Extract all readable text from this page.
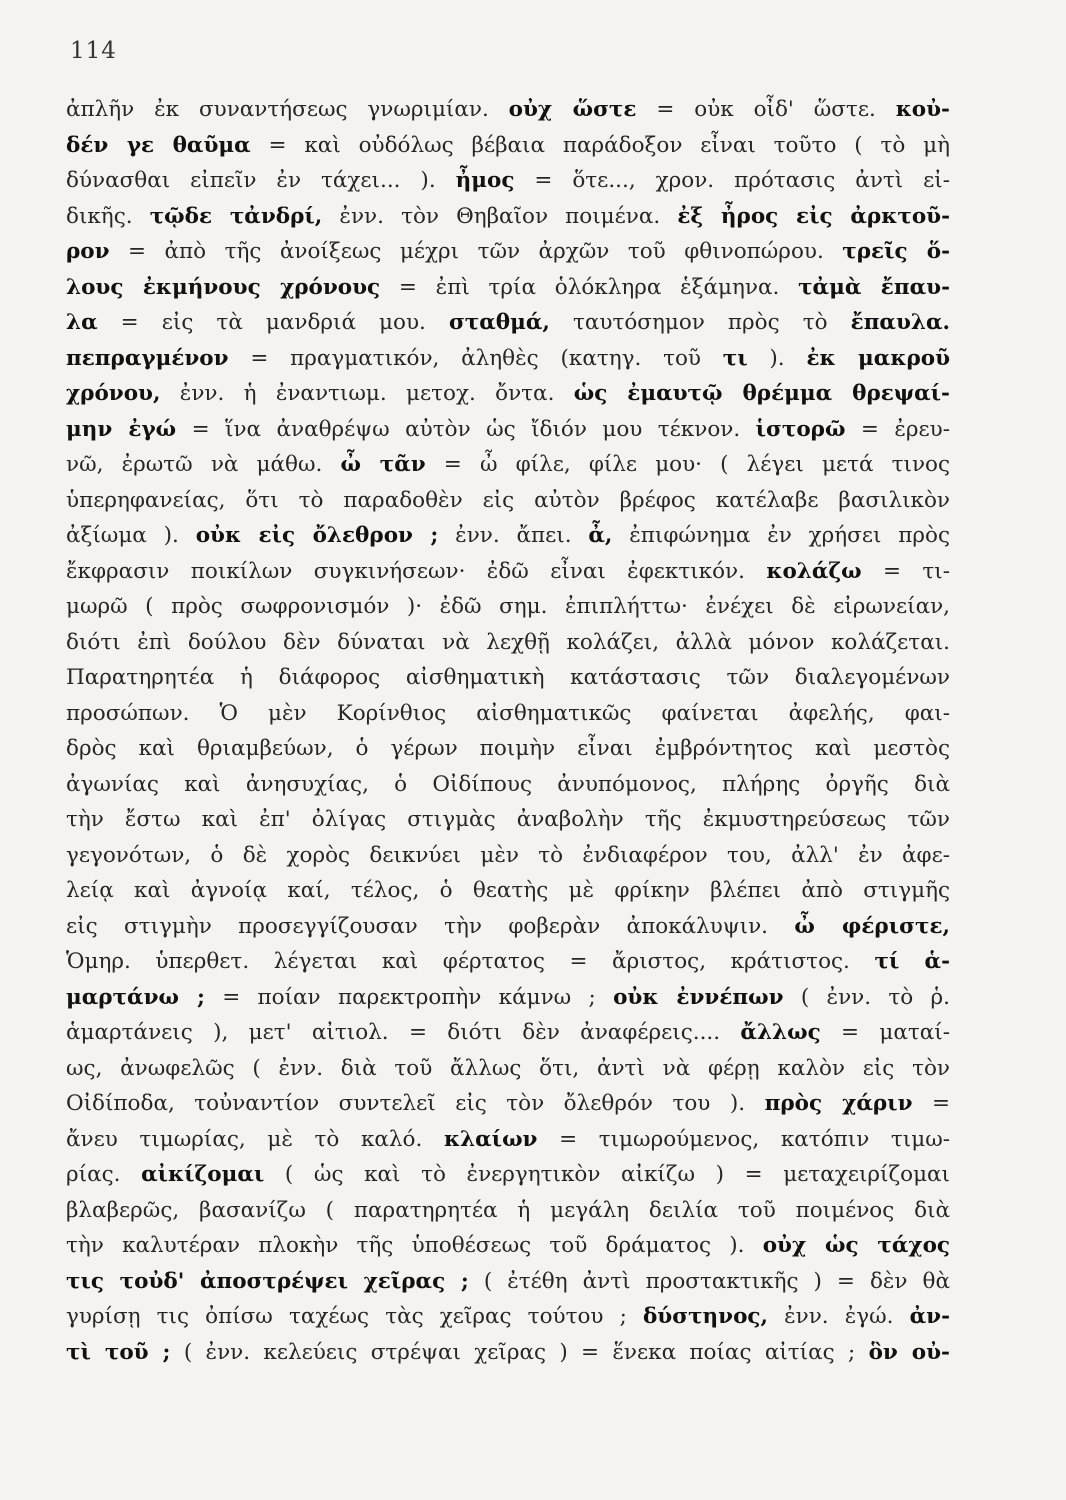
114
ἀπλῆν ἐκ συναντήσεως γνωριμίαν. οὐχ ὥστε = οὐκ οἶδ' ὥστε. κοὐ-
δέν γε θαῦμα = καὶ οὐδόλως βέβαια παράδοξον εἶναι τοῦτο ( τὸ μὴ
δύνασθαι εἰπεῖν ἐν τάχει... ). ἦμος = ὅτε..., χρον. πρότασις ἀντὶ εἰ-
δικῆς. τῷδε τἀνδρί, ἐνν. τὸν Θηβαῖον ποιμένα. ἐξ ἦρος εἰς ἀρκτοῦ-
ρον = ἀπὸ τῆς ἀνοίξεως μέχρι τῶν ἀρχῶν τοῦ φθινοπώρου. τρεῖς ὅ-
λους ἐκμήνους χρόνους = ἐπὶ τρία ὁλόκληρα ἑξάμηνα. τἀμὰ ἔπαυ-
λα = εἰς τὰ μανδριά μου. σταθμά, ταυτόσημον πρὸς τὸ ἔπαυλα.
πεπραγμένον = πραγματικόν, ἀληθὲς (κατηγ. τοῦ τι ). ἐκ μακροῦ
χρόνου, ἐνν. ἡ ἐναντιωμ. μετοχ. ὄντα. ὡς ἐμαυτῷ θρέμμα θρεψαί-
μην ἐγώ = ἵνα ἀναθρέψω αὐτὸν ὡς ἴδιόν μου τέκνον. ἱστορῶ = ἐρευ-
νῶ, ἐρωτῶ νὰ μάθω. ὦ τᾶν = ὦ φίλε, φίλε μου· ( λέγει μετά τινος
ὑπερηφανείας, ὅτι τὸ παραδοθὲν εἰς αὐτὸν βρέφος κατέλαβε βασιλικὸν
ἀξίωμα ). οὐκ εἰς ὄλεθρον ; ἐνν. ἄπει. ἆ, ἐπιφώνημα ἐν χρήσει πρὸς
ἔκφρασιν ποικίλων συγκινήσεων· ἐδῶ εἶναι ἐφεκτικόν. κολάζω = τι-
μωρῶ ( πρὸς σωφρονισμόν )· ἐδῶ σημ. ἐπιπλήττω· ἐνέχει δὲ εἰρωνείαν,
διότι ἐπὶ δούλου δὲν δύναται νὰ λεχθῇ κολάζει, ἀλλὰ μόνον κολάζεται.
Παρατηρητέα ἡ διάφορος αἰσθηματικὴ κατάστασις τῶν διαλεγομένων
προσώπων. Ὁ μὲν Κορίνθιος αἰσθηματικῶς φαίνεται ἀφελής, φαι-
δρὸς καὶ θριαμβεύων, ὁ γέρων ποιμὴν εἶναι ἐμβρόντητος καὶ μεστὸς
ἀγωνίας καὶ ἀνησυχίας, ὁ Οἰδίπους ἀνυπόμονος, πλήρης ὀργῆς διὰ
τὴν ἔστω καὶ ἐπ' ὀλίγας στιγμὰς ἀναβολὴν τῆς ἐκμυστηρεύσεως τῶν
γεγονότων, ὁ δὲ χορὸς δεικνύει μὲν τὸ ἐνδιαφέρον του, ἀλλ' ἐν ἀφε-
λείᾳ καὶ ἀγνοίᾳ καί, τέλος, ὁ θεατὴς μὲ φρίκην βλέπει ἀπὸ στιγμῆς
εἰς στιγμὴν προσεγγίζουσαν τὴν φοβερὰν ἀποκάλυψιν. ὦ φέριστε,
Ὁμηρ. ὑπερθετ. λέγεται καὶ φέρτατος = ἄριστος, κράτιστος. τί ἁ-
μαρτάνω ; = ποίαν παρεκτροπὴν κάμνω ; οὐκ ἐννέπων ( ἐνν. τὸ ῥ.
ἁμαρτάνεις ), μετ' αἰτιολ. = διότι δὲν ἀναφέρεις.... ἄλλως = ματαί-
ως, ἀνωφελῶς ( ἐνν. διὰ τοῦ ἄλλως ὅτι, ἀντὶ νὰ φέρῃ καλὸν εἰς τὸν
Οἰδίποδα, τοὐναντίον συντελεῖ εἰς τὸν ὄλεθρόν του ). πρὸς χάριν =
ἄνευ τιμωρίας, μὲ τὸ καλό. κλαίων = τιμωρούμενος, κατόπιν τιμω-
ρίας. αἰκίζομαι ( ὡς καὶ τὸ ἐνεργητικὸν αἰκίζω ) = μεταχειρίζομαι
βλαβερῶς, βασανίζω ( παρατηρητέα ἡ μεγάλη δειλία τοῦ ποιμένος διὰ
τὴν καλυτέραν πλοκὴν τῆς ὑποθέσεως τοῦ δράματος ). οὐχ ὡς τάχος
τις τοὐδ' ἀποστρέψει χεῖρας ; ( ἐτέθη ἀντὶ προστακτικῆς ) = δὲν θὰ
γυρίσῃ τις ὀπίσω ταχέως τὰς χεῖρας τούτου ; δύστηνος, ἐνν. ἐγώ. ἀν-
τὶ τοῦ ; ( ἐνν. κελεύεις στρέψαι χεῖρας ) = ἕνεκα ποίας αἰτίας ; ὃν οὐ-
